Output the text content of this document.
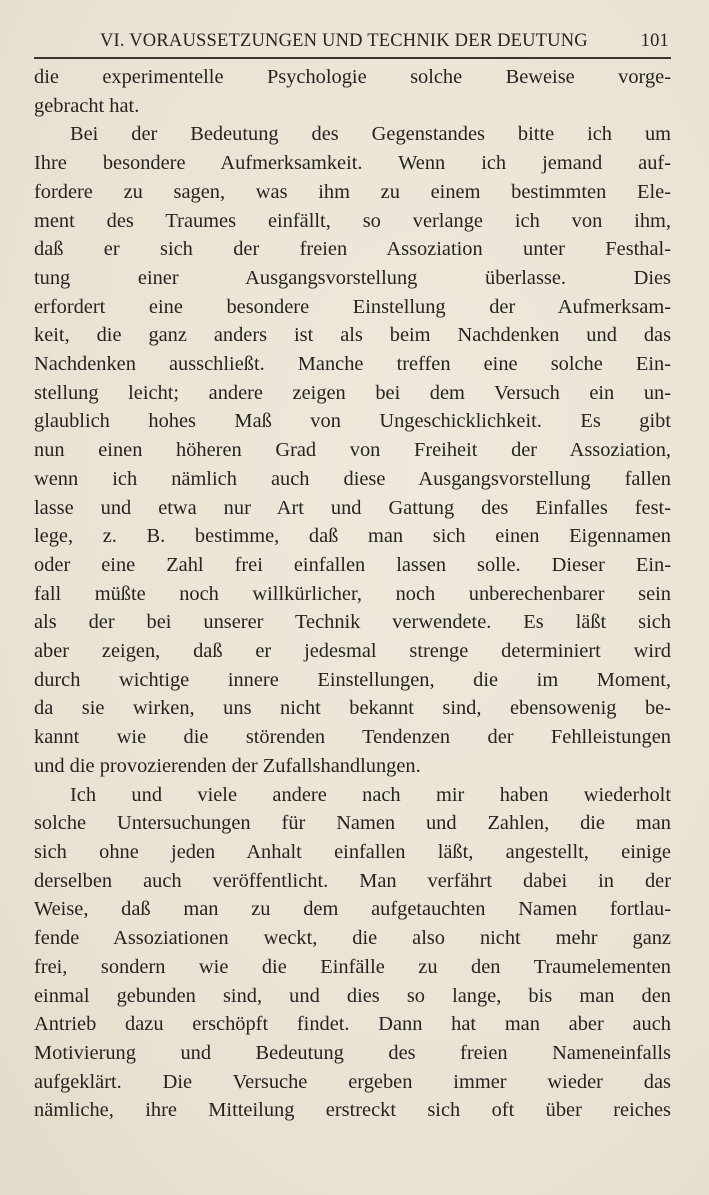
VI. VORAUSSETZUNGEN UND TECHNIK DER DEUTUNG	101
die experimentelle Psychologie solche Beweise vorge-
gebracht hat.
Bei der Bedeutung des Gegenstandes bitte ich um
Ihre besondere Aufmerksamkeit. Wenn ich jemand auf-
fordere zu sagen, was ihm zu einem bestimmten Ele-
ment des Traumes einfällt, so verlange ich von ihm,
daß er sich der freien Assoziation unter Festhal-
tung einer Ausgangsvorstellung überlasse. Dies
erfordert eine besondere Einstellung der Aufmerksam-
keit, die ganz anders ist als beim Nachdenken und das
Nachdenken ausschließt. Manche treffen eine solche Ein-
stellung leicht; andere zeigen bei dem Versuch ein un-
glaublich hohes Maß von Ungeschicklichkeit. Es gibt
nun einen höheren Grad von Freiheit der Assoziation,
wenn ich nämlich auch diese Ausgangsvorstellung fallen
lasse und etwa nur Art und Gattung des Einfalles fest-
lege, z. B. bestimme, daß man sich einen Eigennamen
oder eine Zahl frei einfallen lassen solle. Dieser Ein-
fall müßte noch willkürlicher, noch unberechenbarer sein
als der bei unserer Technik verwendete. Es läßt sich
aber zeigen, daß er jedesmal strenge determiniert wird
durch wichtige innere Einstellungen, die im Moment,
da sie wirken, uns nicht bekannt sind, ebensowenig be-
kannt wie die störenden Tendenzen der Fehlleistungen
und die provozierenden der Zufallshandlungen.
Ich und viele andere nach mir haben wiederholt
solche Untersuchungen für Namen und Zahlen, die man
sich ohne jeden Anhalt einfallen läßt, angestellt, einige
derselben auch veröffentlicht. Man verfährt dabei in der
Weise, daß man zu dem aufgetauchten Namen fortlau-
fende Assoziationen weckt, die also nicht mehr ganz
frei, sondern wie die Einfälle zu den Traumelementen
einmal gebunden sind, und dies so lange, bis man den
Antrieb dazu erschöpft findet. Dann hat man aber auch
Motivierung und Bedeutung des freien Nameneinfalls
aufgeklärt. Die Versuche ergeben immer wieder das
nämliche, ihre Mitteilung erstreckt sich oft über reiches
